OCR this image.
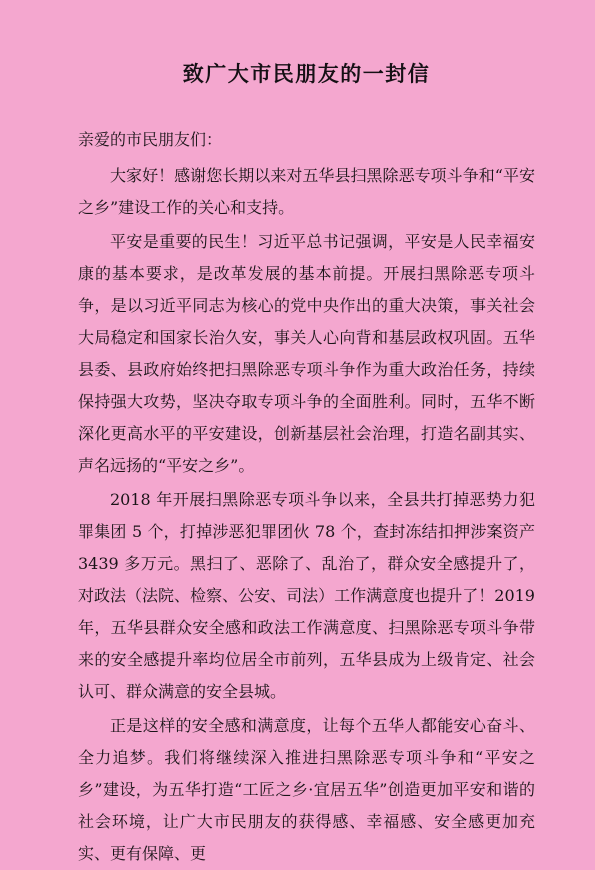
致广大市民朋友的一封信

亲爱的市民朋友们：

大家好！感谢您长期以来对五华县扫黑除恶专项斗争和“平安之乡”建设工作的关心和支持。

平安是重要的民生！习近平总书记强调，平安是人民幸福安康的基本要求，是改革发展的基本前提。开展扫黑除恶专项斗争，是以习近平同志为核心的党中央作出的重大决策，事关社会大局稳定和国家长治久安，事关人心向背和基层政权巩固。五华县委、县政府始终把扫黑除恶专项斗争作为重大政治任务，持续保持强大攻势，坚决夺取专项斗争的全面胜利。同时，五华不断深化更高水平的平安建设，创新基层社会治理，打造名副其实、声名远扬的“平安之乡”。

2018 年开展扫黑除恶专项斗争以来，全县共打掉恶势力犯罪集团 5 个，打掉涉恶犯罪团伙 78 个，查封冻结扣押涉案资产 3439 多万元。黑扫了、恶除了、乱治了，群众安全感提升了，对政法（法院、检察、公安、司法）工作满意度也提升了！2019 年，五华县群众安全感和政法工作满意度、扫黑除恶专项斗争带来的安全感提升率均位居全市前列，五华县成为上级肯定、社会认可、群众满意的安全县城。

正是这样的安全感和满意度，让每个五华人都能安心奋斗、全力追梦。我们将继续深入推进扫黑除恶专项斗争和“平安之乡”建设，为五华打造“工匠之乡·宜居五华”创造更加平安和谐的社会环境，让广大市民朋友的获得感、幸福感、安全感更加充实、更有保障、更
